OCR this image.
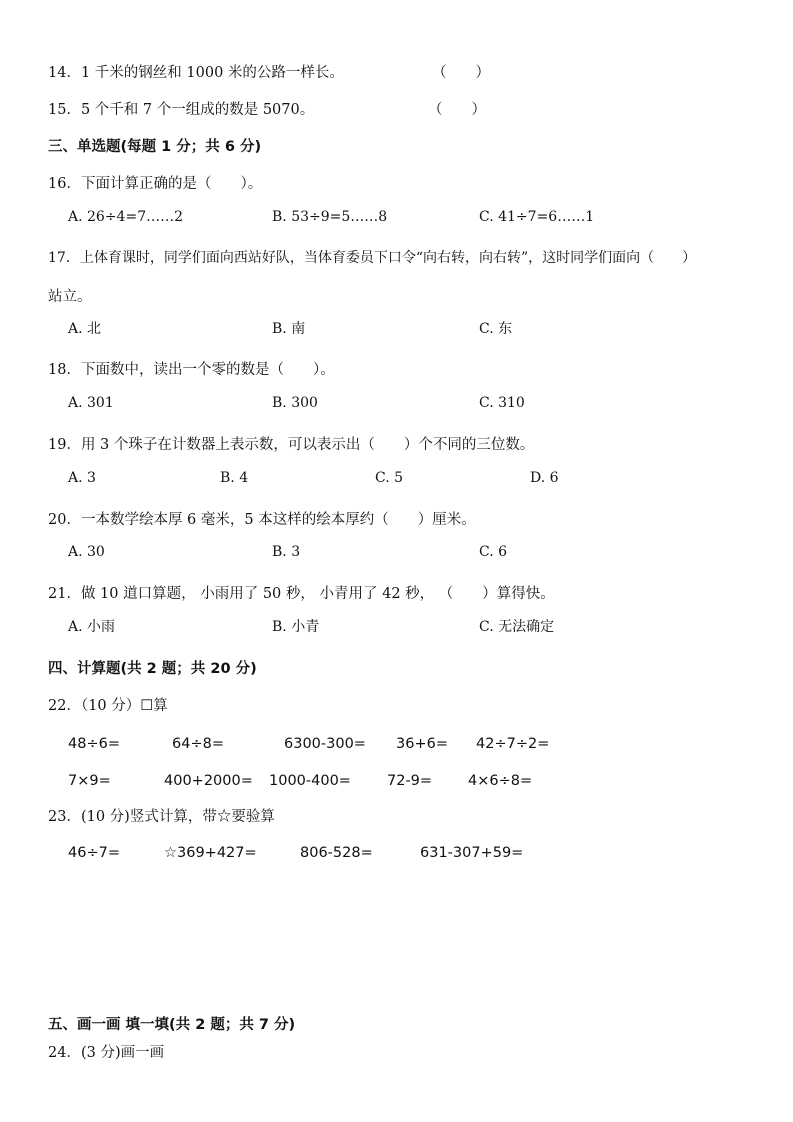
14．1 千米的钢丝和 1000 米的公路一样长。	（　　）
15．5 个千和 7 个一组成的数是 5070。	（　　）
三、单选题(每题 1 分；共 6 分)
16．下面计算正确的是（　　）。
A. 26÷4=7……2	B. 53÷9=5……8	C. 41÷7=6……1
17．上体育课时，同学们面向西站好队，当体育委员下口令“向右转，向右转”，这时同学们面向（　　）
站立。
A. 北	B. 南	C. 东
18．下面数中，读出一个零的数是（　　）。
A. 301	B. 300	C. 310
19．用 3 个珠子在计数器上表示数，可以表示出（　　）个不同的三位数。
A. 3	B. 4	C. 5	D. 6
20．一本数学绘本厚 6 毫米，5 本这样的绘本厚约（　　）厘米。
A. 30	B. 3	C. 6
21．做 10 道口算题， 小雨用了 50 秒， 小青用了 42 秒， （　　）算得快。
A. 小雨	B. 小青	C. 无法确定
四、计算题(共 2 题；共 20 分)
22．（10 分）☐算
48÷6=	64÷8=	6300-300= 36+6= 42÷7÷2=
7×9=	400+2000= 1000-400= 72-9= 4×6÷8=
23．(10 分)竖式计算，带☆要验算
46÷7=	☆369+427=	806-528=	631-307+59=
五、画一画 填一填(共 2 题；共 7 分)
24．(3 分)画一画
